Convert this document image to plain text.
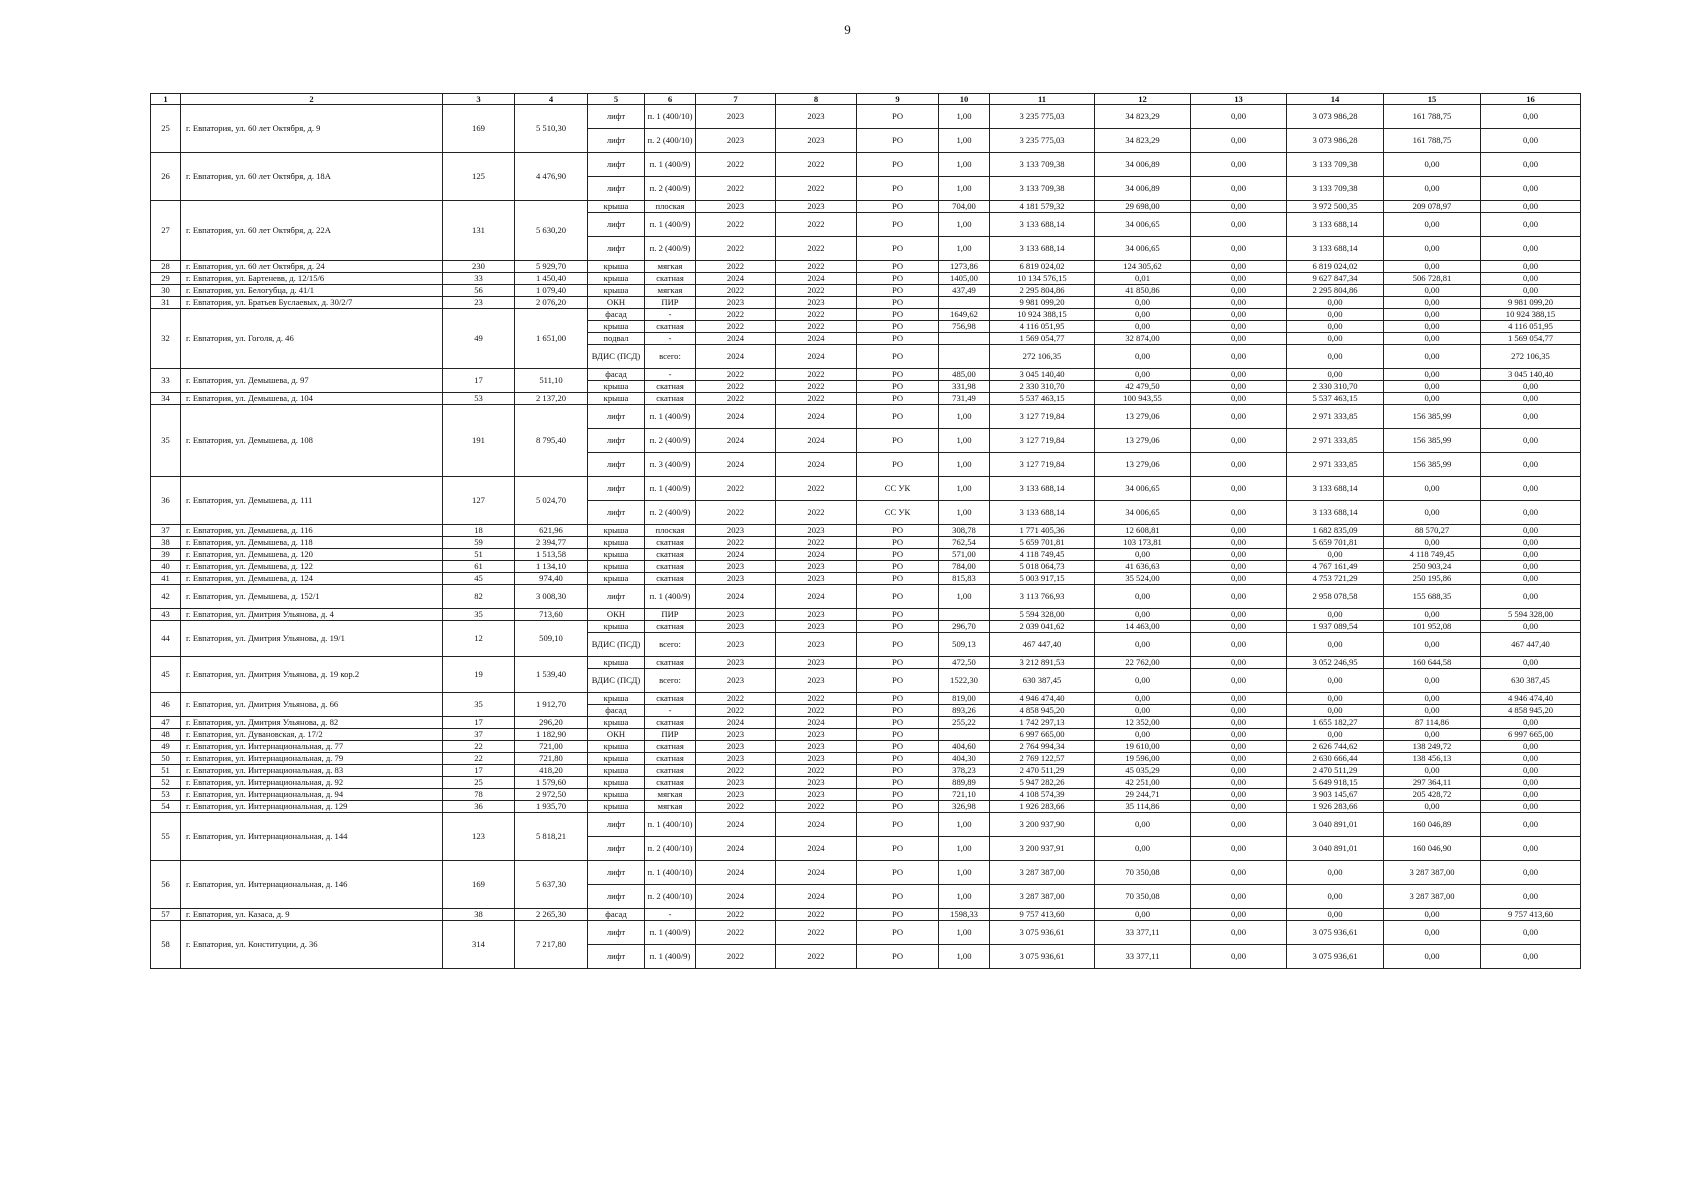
9
1	2	3	4	5	6	7	8	9	10	11	12	13	14	15	16
25	г. Евпатория, ул. 60 лет Октября, д. 9	169	5 510,30	лифт	п. 1 (400/10)	2023	2023	РО	1,00	3 235 775,03	34 823,29	0,00	3 073 986,28	161 788,75	0,00
				лифт	п. 2 (400/10)	2023	2023	РО	1,00	3 235 775,03	34 823,29	0,00	3 073 986,28	161 788,75	0,00
26	г. Евпатория, ул. 60 лет Октября, д. 18А	125	4 476,90	лифт	п. 1 (400/9)	2022	2022	РО	1,00	3 133 709,38	34 006,89	0,00	3 133 709,38	0,00	0,00
				лифт	п. 2 (400/9)	2022	2022	РО	1,00	3 133 709,38	34 006,89	0,00	3 133 709,38	0,00	0,00
27	г. Евпатория, ул. 60 лет Октября, д. 22А	131	5 630,20	крыша	плоская	2023	2023	РО	704,00	4 181 579,32	29 698,00	0,00	3 972 500,35	209 078,97	0,00
				лифт	п. 1 (400/9)	2022	2022	РО	1,00	3 133 688,14	34 006,65	0,00	3 133 688,14	0,00	0,00
				лифт	п. 2 (400/9)	2022	2022	РО	1,00	3 133 688,14	34 006,65	0,00	3 133 688,14	0,00	0,00
28	г. Евпатория, ул. 60 лет Октября, д. 24	230	5 929,70	крыша	мягкая	2022	2022	РО	1273,86	6 819 024,02	124 305,62	0,00	6 819 024,02	0,00	0,00
29	г. Евпатория, ул. Бартеневв, д. 12/15/6	33	1 450,40	крыша	скатная	2024	2024	РО	1405,00	10 134 576,15	0,01	0,00	9 627 847,34	506 728,81	0,00
30	г. Евпатория, ул. Белогубца, д. 41/1	56	1 079,40	крыша	мягкая	2022	2022	РО	437,49	2 295 804,86	41 850,86	0,00	2 295 804,86	0,00	0,00
31	г. Евпатория, ул. Братьев Буслаевых, д. 30/2/7	23	2 076,20	ОКН	ПИР	2023	2023	РО		9 981 099,20	0,00	0,00	0,00	0,00	9 981 099,20
32	г. Евпатория, ул. Гоголя, д. 46	49	1 651,00	фасад	-	2022	2022	РО	1649,62	10 924 388,15	0,00	0,00	0,00	0,00	10 924 388,15
				крыша	скатная	2022	2022	РО	756,98	4 116 051,95	0,00	0,00	0,00	0,00	4 116 051,95
				подвал	-	2024	2024	РО		1 569 054,77	32 874,00	0,00	0,00	0,00	1 569 054,77
				ВДИС (ПСД)	всего:	2024	2024	РО		272 106,35	0,00	0,00	0,00	0,00	272 106,35
33	г. Евпатория, ул. Демышева, д. 97	17	511,10	фасад	-	2022	2022	РО	485,00	3 045 140,40	0,00	0,00	0,00	0,00	3 045 140,40
				крыша	скатная	2022	2022	РО	331,98	2 330 310,70	42 479,50	0,00	2 330 310,70	0,00	0,00
34	г. Евпатория, ул. Демышева, д. 104	53	2 137,20	крыша	скатная	2022	2022	РО	731,49	5 537 463,15	100 943,55	0,00	5 537 463,15	0,00	0,00
35	г. Евпатория, ул. Демышева, д. 108	191	8 795,40	лифт	п. 1 (400/9)	2024	2024	РО	1,00	3 127 719,84	13 279,06	0,00	2 971 333,85	156 385,99	0,00
				лифт	п. 2 (400/9)	2024	2024	РО	1,00	3 127 719,84	13 279,06	0,00	2 971 333,85	156 385,99	0,00
				лифт	п. 3 (400/9)	2024	2024	РО	1,00	3 127 719,84	13 279,06	0,00	2 971 333,85	156 385,99	0,00
36	г. Евпатория, ул. Демышева, д. 111	127	5 024,70	лифт	п. 1 (400/9)	2022	2022	СС УК	1,00	3 133 688,14	34 006,65	0,00	3 133 688,14	0,00	0,00
				лифт	п. 2 (400/9)	2022	2022	СС УК	1,00	3 133 688,14	34 006,65	0,00	3 133 688,14	0,00	0,00
37	г. Евпатория, ул. Демышева, д. 116	18	621,96	крыша	плоская	2023	2023	РО	308,78	1 771 405,36	12 608,81	0,00	1 682 835,09	88 570,27	0,00
38	г. Евпатория, ул. Демышева, д. 118	59	2 394,77	крыша	скатная	2022	2022	РО	762,54	5 659 701,81	103 173,81	0,00	5 659 701,81	0,00	0,00
39	г. Евпатория, ул. Демышева, д. 120	51	1 513,58	крыша	скатная	2024	2024	РО	571,00	4 118 749,45	0,00	0,00	0,00	4 118 749,45	0,00
40	г. Евпатория, ул. Демышева, д. 122	61	1 134,10	крыша	скатная	2023	2023	РО	784,00	5 018 064,73	41 636,63	0,00	4 767 161,49	250 903,24	0,00
41	г. Евпатория, ул. Демышева, д. 124	45	974,40	крыша	скатная	2023	2023	РО	815,83	5 003 917,15	35 524,00	0,00	4 753 721,29	250 195,86	0,00
42	г. Евпатория, ул. Демышева, д. 152/1	82	3 008,30	лифт	п. 1 (400/9)	2024	2024	РО	1,00	3 113 766,93	0,00	0,00	2 958 078,58	155 688,35	0,00
43	г. Евпатория, ул. Дмитрия Ульянова, д. 4	35	713,60	ОКН	ПИР	2023	2023	РО		5 594 328,00	0,00	0,00	0,00	0,00	5 594 328,00
44	г. Евпатория, ул. Дмитрия Ульянова, д. 19/1	12	509,10	крыша	скатная	2023	2023	РО	296,70	2 039 041,62	14 463,00	0,00	1 937 089,54	101 952,08	0,00
				ВДИС (ПСД)	всего:	2023	2023	РО	509,13	467 447,40	0,00	0,00	0,00	0,00	467 447,40
45	г. Евпатория, ул. Дмитрия Ульянова, д. 19 кор.2	19	1 539,40	крыша	скатная	2023	2023	РО	472,50	3 212 891,53	22 762,00	0,00	3 052 246,95	160 644,58	0,00
				ВДИС (ПСД)	всего:	2023	2023	РО	1522,30	630 387,45	0,00	0,00	0,00	0,00	630 387,45
46	г. Евпатория, ул. Дмитрия Ульянова, д. 66	35	1 912,70	крыша	скатная	2022	2022	РО	819,00	4 946 474,40	0,00	0,00	0,00	0,00	4 946 474,40
				фасад	-	2022	2022	РО	893,26	4 858 945,20	0,00	0,00	0,00	0,00	4 858 945,20
47	г. Евпатория, ул. Дмитрия Ульянова, д. 82	17	296,20	крыша	скатная	2024	2024	РО	255,22	1 742 297,13	12 352,00	0,00	1 655 182,27	87 114,86	0,00
48	г. Евпатория, ул. Дувановская, д. 17/2	37	1 182,90	ОКН	ПИР	2023	2023	РО		6 997 665,00	0,00	0,00	0,00	0,00	6 997 665,00
49	г. Евпатория, ул. Интернациональная, д. 77	22	721,00	крыша	скатная	2023	2023	РО	404,60	2 764 994,34	19 610,00	0,00	2 626 744,62	138 249,72	0,00
50	г. Евпатория, ул. Интернациональная, д. 79	22	721,80	крыша	скатная	2023	2023	РО	404,30	2 769 122,57	19 596,00	0,00	2 630 666,44	138 456,13	0,00
51	г. Евпатория, ул. Интернациональная, д. 83	17	418,20	крыша	скатная	2022	2022	РО	378,23	2 470 511,29	45 035,29	0,00	2 470 511,29	0,00	0,00
52	г. Евпатория, ул. Интернациональная, д. 92	25	1 579,60	крыша	скатная	2023	2023	РО	889,89	5 947 282,26	42 251,00	0,00	5 649 918,15	297 364,11	0,00
53	г. Евпатория, ул. Интернациональная, д. 94	78	2 972,50	крыша	мягкая	2023	2023	РО	721,10	4 108 574,39	29 244,71	0,00	3 903 145,67	205 428,72	0,00
54	г. Евпатория, ул. Интернациональная, д. 129	36	1 935,70	крыша	мягкая	2022	2022	РО	326,98	1 926 283,66	35 114,86	0,00	1 926 283,66	0,00	0,00
55	г. Евпатория, ул. Интернациональная, д. 144	123	5 818,21	лифт	п. 1 (400/10)	2024	2024	РО	1,00	3 200 937,90	0,00	0,00	3 040 891,01	160 046,89	0,00
				лифт	п. 2 (400/10)	2024	2024	РО	1,00	3 200 937,91	0,00	0,00	3 040 891,01	160 046,90	0,00
56	г. Евпатория, ул. Интернациональная, д. 146	169	5 637,30	лифт	п. 1 (400/10)	2024	2024	РО	1,00	3 287 387,00	70 350,08	0,00	0,00	3 287 387,00	0,00
				лифт	п. 2 (400/10)	2024	2024	РО	1,00	3 287 387,00	70 350,08	0,00	0,00	3 287 387,00	0,00
57	г. Евпатория, ул. Казаса, д. 9	38	2 265,30	фасад	-	2022	2022	РО	1598,33	9 757 413,60	0,00	0,00	0,00	0,00	9 757 413,60
58	г. Евпатория, ул. Конституции, д. 36	314	7 217,80	лифт	п. 1 (400/9)	2022	2022	РО	1,00	3 075 936,61	33 377,11	0,00	3 075 936,61	0,00	0,00
				лифт	п. 1 (400/9)	2022	2022	РО	1,00	3 075 936,61	33 377,11	0,00	3 075 936,61	0,00	0,00
